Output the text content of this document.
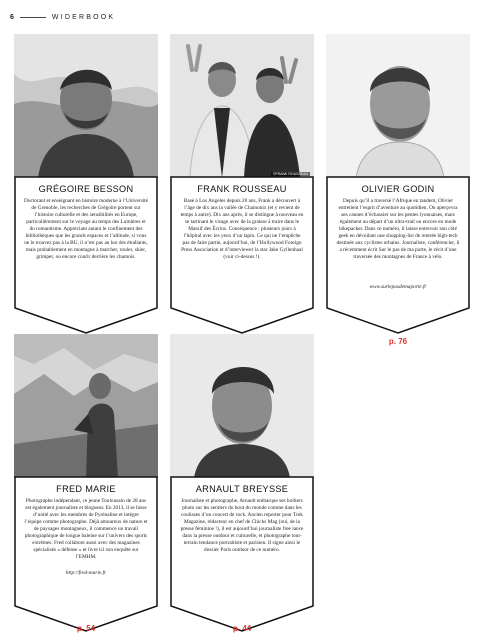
6	WIDERBOOK
GRÉGOIRE BESSON
Doctorant et enseignant en histoire moderne à l’Université de Grenoble, les recherches de Grégoire portent sur l’histoire culturelle et des sensibilités en Europe, particulièrement sur le voyage au temps des Lumières et du romantisme. Appréciant autant le confinement des bibliothèques que les grands espaces et l’altitude, si vous ne le trouvez pas à la BU, il n’est pas au bar des étudiants, mais probablement en montagne à marcher, rouler, skier, grimper, ou encore courir derrière les chamois.
©FRANK ROUSSEAU
FRANK ROUSSEAU
Basé à Los Angeles depuis 20 ans, Frank a découvert à l’âge de dix ans la vallée de Chamonix (et y revient de temps à autre). Dix ans après, il se distingue à nouveau en se tartinant le visage avec de la graisse à traire dans le Massif des Écrins. Conséquence : plusieurs jours à l’hôpital avec les yeux d’un lapin. Ce qui ne l’empêche pas de faire partie, aujourd’hui, de l’Hollywood Foreign Press Association et d’interviewer la star Jake Gyllenhaal (voir ci-dessus !).
OLIVIER GODIN
Depuis qu’il a traversé l’Afrique en tandem, Olivier entretient l’esprit d’aventure au quotidien. On aperçevra ses cannes d’échassier sur les pentes lyonnaises, mais également au départ d’un ultra-trail ou encore en mode bikepacker. Dans ce numéro, il laisse entrevoir son côté geek en dévoilant une shopping-list de rentrée high-tech destinée aux cyclistes urbains. Journaliste, conférencier, il a récemment écrit Sur le pas de ma porte, le récit d’une traversée des montagnes de France à vélo.
www.surlepasdemaporte.fr
p. 76
FRED MARIE
Photographe indépendant, ce jeune Toulousain de 28 ans est également journaliste et blogueur. En 2013, il se hisse d’unité avec les membres de Pyrénaline et intègre l’équipe comme photographe. Déjà amoureux de nature et de paysages montagneux, il commence un travail photographique de longue haleine sur l’univers des sports extrêmes. Fred collabore aussi avec des magazines spécialisés « défense » et livre ici son enquête sur l’EMHM.
http://fred-marie.fr
p. 54
ARNAULT BREYSSE
Journaliste et photographe, Arnault embarque ses boîtiers photo sur les sentiers du bout du monde comme dans les coulisses d’un concert de rock. Ancien reporter pour Trek Magazine, rédacteur en chef de Chicks Mag (oui, de la presse féminine !), il est aujourd’hui journaliste free lance dans la presse outdoor et culturelle, et photographe tout-terrain tendance portraitiste et parisien. Il signe ainsi le dossier Paris outdoor de ce numéro.
p. 44
